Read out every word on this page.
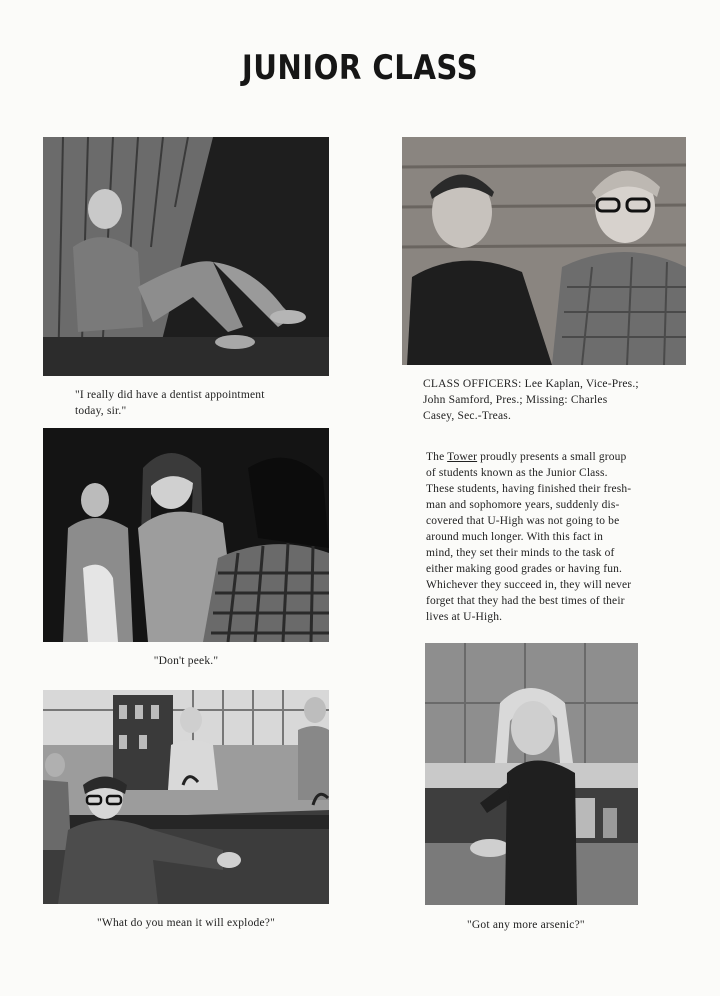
JUNIOR CLASS
"I really did have a dentist appointment
today, sir."
CLASS OFFICERS: Lee Kaplan, Vice-Pres.;
John Samford, Pres.; Missing: Charles
Casey, Sec.-Treas.
"Don't peek."
The Tower proudly presents a small group
of students known as the Junior Class.
These students, having finished their fresh-
man and sophomore years, suddenly dis-
covered that U-High was not going to be
around much longer. With this fact in
mind, they set their minds to the task of
either making good grades or having fun.
Whichever they succeed in, they will never
forget that they had the best times of their
lives at U-High.
"What do you mean it will explode?"	"Got any more arsenic?"
